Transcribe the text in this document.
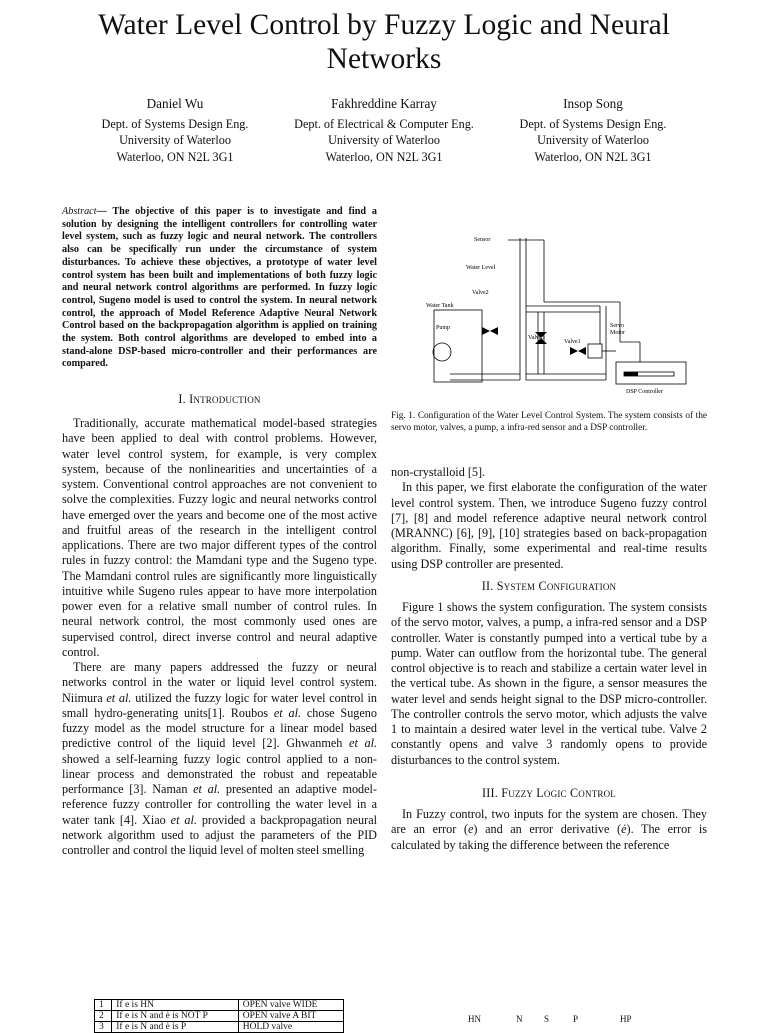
Water Level Control by Fuzzy Logic and Neural Networks
Daniel Wu
Dept. of Systems Design Eng.
University of Waterloo
Waterloo, ON N2L 3G1
Fakhreddine Karray
Dept. of Electrical & Computer Eng.
University of Waterloo
Waterloo, ON N2L 3G1
Insop Song
Dept. of Systems Design Eng.
University of Waterloo
Waterloo, ON N2L 3G1
Abstract— The objective of this paper is to investigate and find a solution by designing the intelligent controllers for controlling water level system, such as fuzzy logic and neural network. The controllers also can be specifically run under the circumstance of system disturbances. To achieve these objectives, a prototype of water level control system has been built and implementations of both fuzzy logic and neural network control algorithms are performed. In fuzzy logic control, Sugeno model is used to control the system. In neural network control, the approach of Model Reference Adaptive Neural Network Control based on the backpropagation algorithm is applied on training the system. Both control algorithms are developed to embed into a stand-alone DSP-based micro-controller and their performances are compared.
I. Introduction

Traditionally, accurate mathematical model-based strategies have been applied to deal with control problems. However, water level control system, for example, is very complex system, because of the nonlinearities and uncertainties of a system. Conventional control approaches are not convenient to solve the complexities. Fuzzy logic and neural networks control have emerged over the years and become one of the most active and fruitful areas of the research in the intelligent control applications. There are two major different types of the control rules in fuzzy control: the Mamdani type and the Sugeno type. The Mamdani control rules are significantly more linguistically intuitive while Sugeno rules appear to have more interpolation power even for a relative small number of control rules. In neural network control, the most commonly used ones are supervised control, direct inverse control and neural adaptive control.

There are many papers addressed the fuzzy or neural networks control in the water or liquid level control system. Niimura et al. utilized the fuzzy logic for water level control in small hydro-generating units[1]. Roubos et al. chose Sugeno fuzzy model as the model structure for a linear model based predictive control of the liquid level [2]. Ghwanmeh et al. showed a self-learning fuzzy logic control applied to a non-linear process and demonstrated the robust and repeatable performance [3]. Naman et al. presented an adaptive model-reference fuzzy controller for controlling the water level in a water tank [4]. Xiao et al. provided a backpropagation neural network algorithm used to adjust the parameters of the PID controller and control the liquid level of molten steel smelling

Sensor
Water Level
Valve2
Water Tank
Pump
Valve3
Valve1
Servo
Motor
DSP Controller
Fig. 1. Configuration of the Water Level Control System. The system consists of the servo motor, valves, a pump, a infra-red sensor and a DSP controller.
non-crystalloid [5].

In this paper, we first elaborate the configuration of the water level control system. Then, we introduce Sugeno fuzzy control [7], [8] and model reference adaptive neural network control (MRANNC) [6], [9], [10] strategies based on back-propagation algorithm. Finally, some experimental and real-time results using DSP controller are presented.

II. System Configuration

Figure 1 shows the system configuration. The system consists of the servo motor, valves, a pump, a infra-red sensor and a DSP controller. Water is constantly pumped into a vertical tube by a pump. Water can outflow from the horizontal tube. The general control objective is to reach and stabilize a certain water level in the vertical tube. As shown in the figure, a sensor measures the water level and sends height signal to the DSP micro-controller. The controller controls the servo motor, which adjusts the valve 1 to maintain a desired water level in the vertical tube. Valve 2 constantly opens and valve 3 randomly opens to provide disturbances to the control system.

III. Fuzzy Logic Control

In Fuzzy control, two inputs for the system are chosen. They are an error (e) and an error derivative (ė). The error is calculated by taking the difference between the reference

1	If e is HN	OPEN valve WIDE
2	If e is N and ė is NOT P	OPEN valve A BIT
3	If e is N and ė is P	HOLD valve
HN	N S	P	HP
